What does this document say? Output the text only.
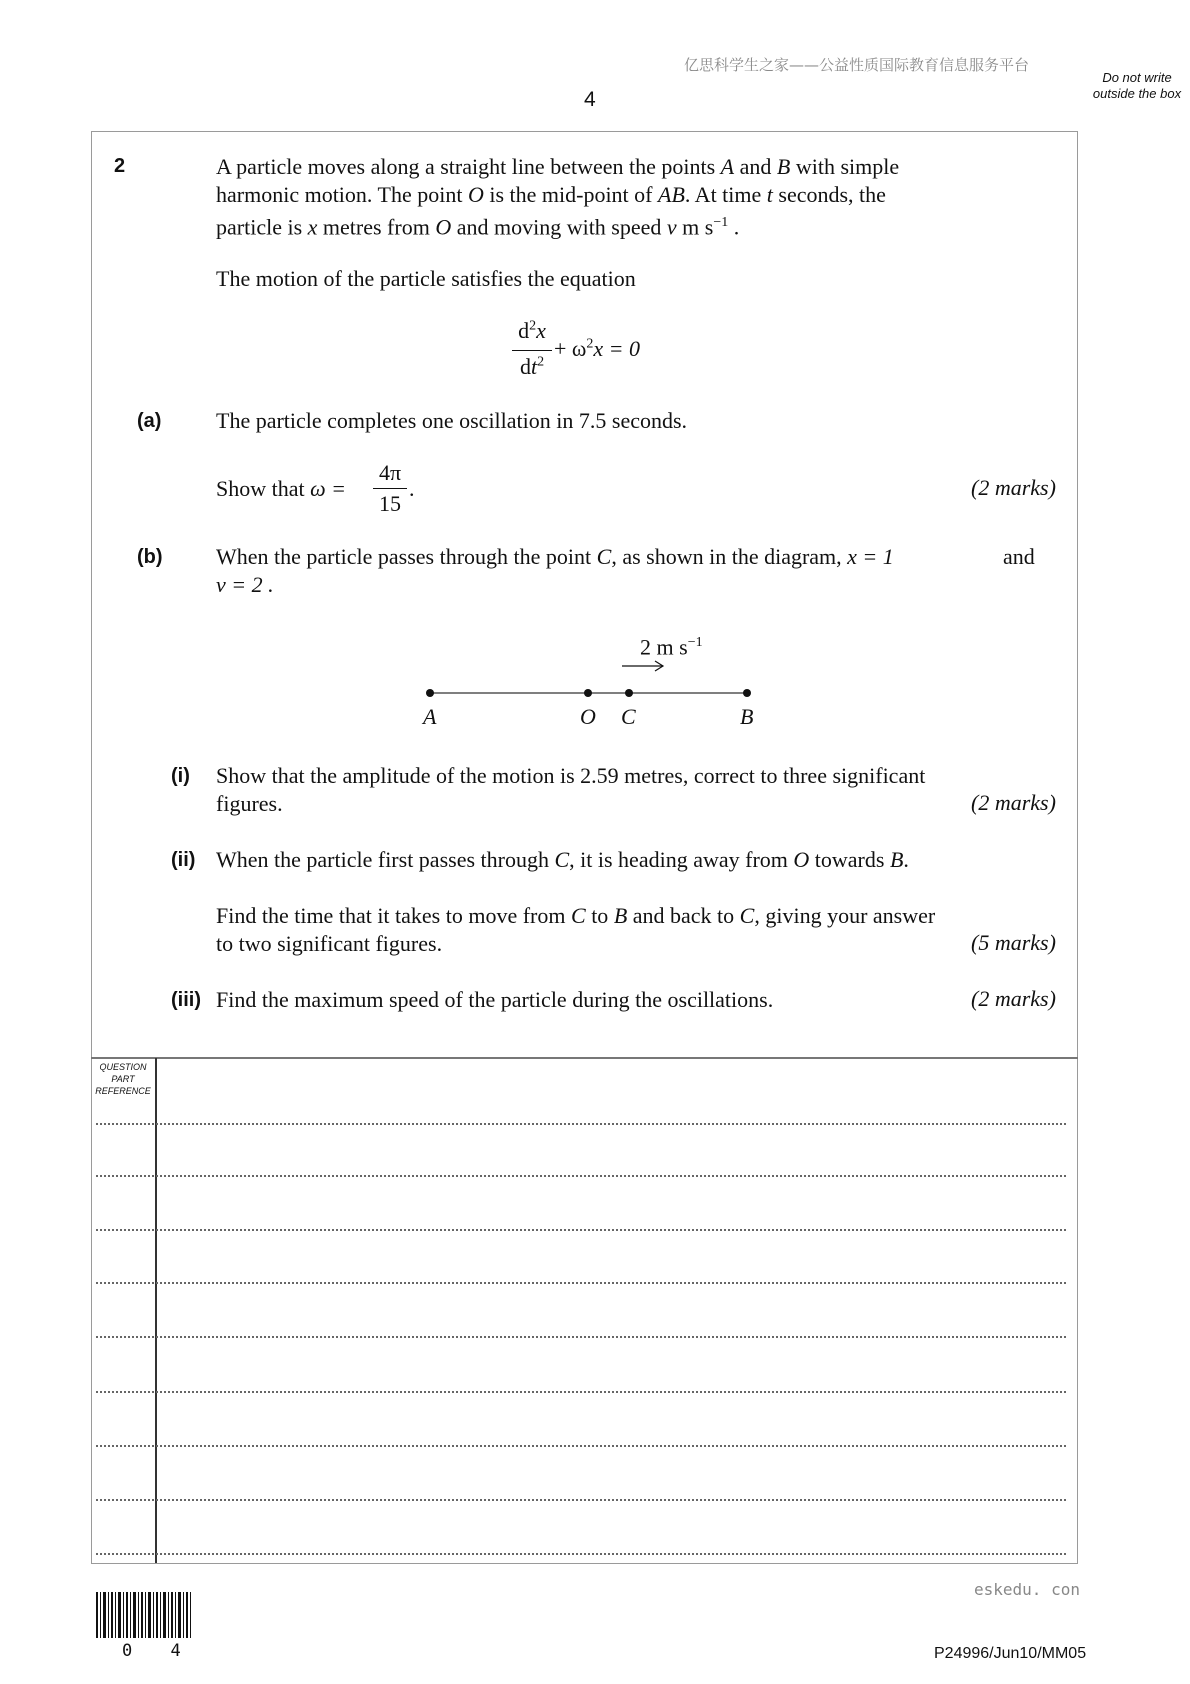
亿思科学生之家——公益性质国际教育信息服务平台
4
Do not write outside the box
2	A particle moves along a straight line between the points A and B with simple
harmonic motion. The point O is the mid-point of AB. At time t seconds, the
particle is x metres from O and moving with speed v m $s^{-1}$ .
The motion of the particle satisfies the equation
$d^2x$
$dt^2$
+ $\omega^2x = 0$
(a) The particle completes one oscillation in 7.5 seconds.
Show that ω =
4π
15
.	(2 marks)
(b) When the particle passes through the point C, as shown in the diagram, x = 1	and
v = 2 .
2 m $s^{-1}$
A	O C	B
(i) Show that the amplitude of the motion is 2.59 metres, correct to three significant
figures.	(2 marks)
(ii) When the particle first passes through C, it is heading away from O towards B.
Find the time that it takes to move from C to B and back to C, giving your answer
to two significant figures.	(5 marks)
(iii) Find the maximum speed of the particle during the oscillations.	(2 marks)
QUESTION PART REFERENCE
eskedu. con
0 4	P24996/Jun10/MM05
